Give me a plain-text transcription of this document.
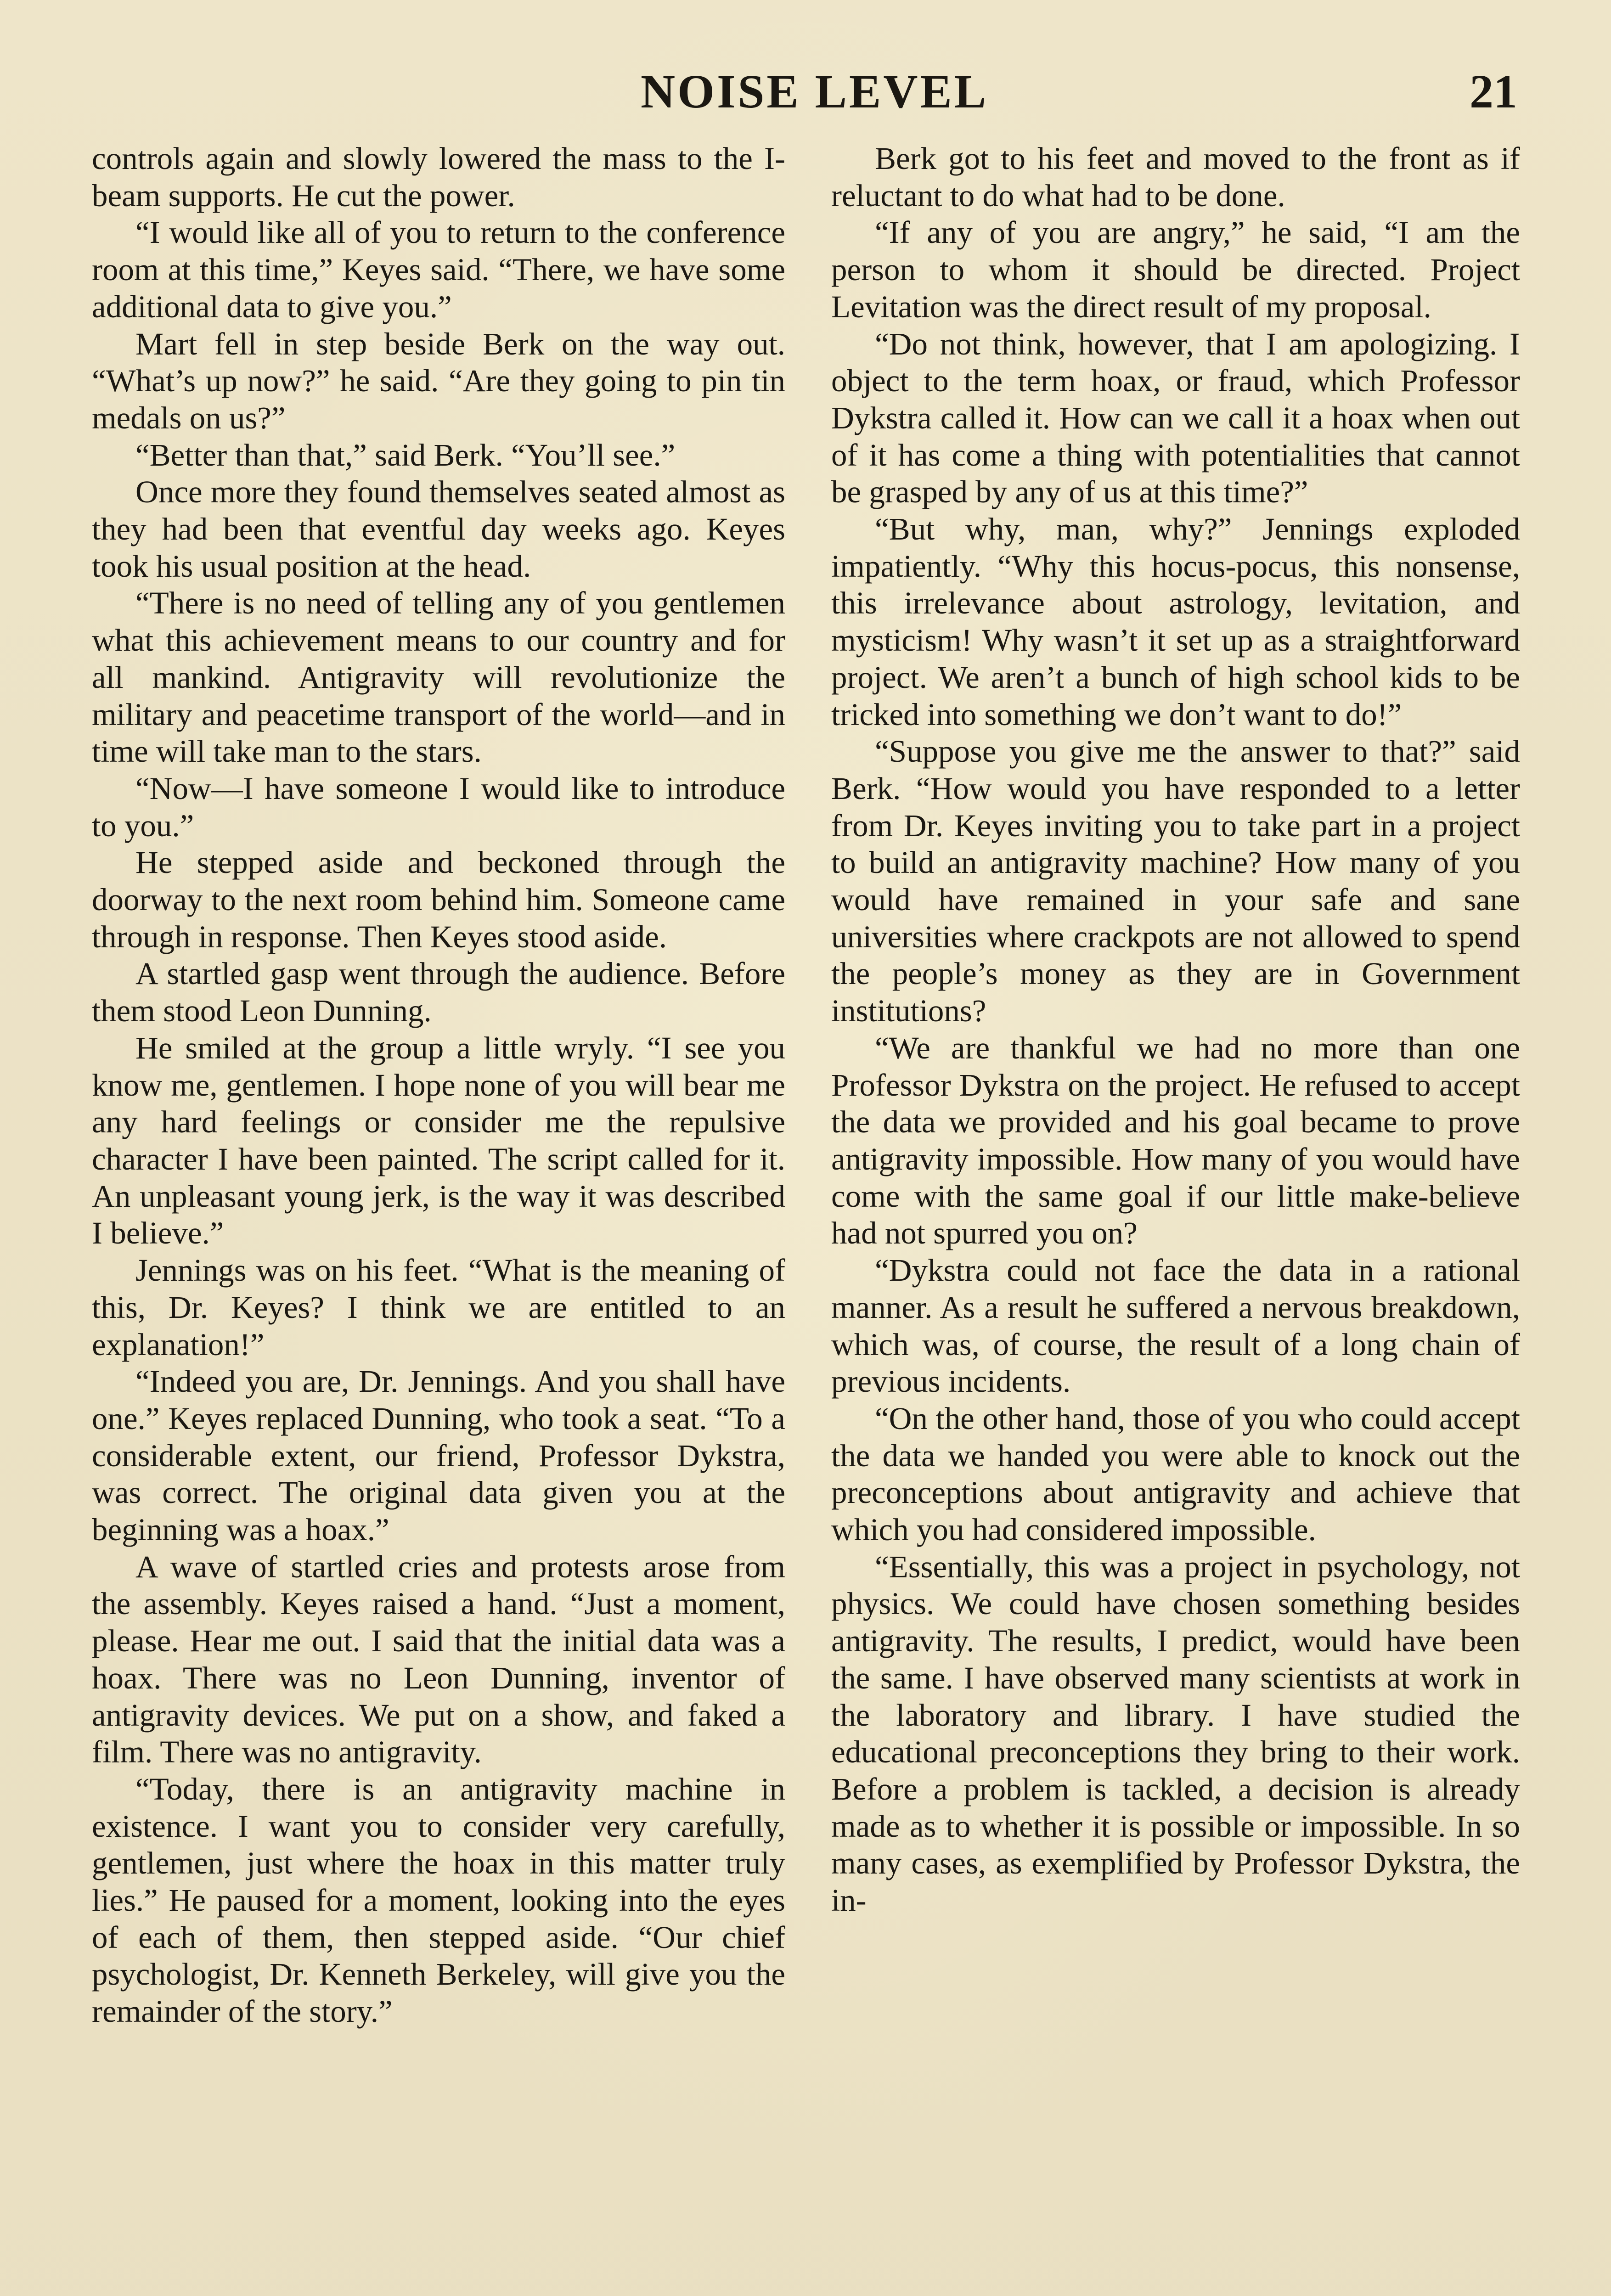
NOISE LEVEL	21

controls again and slowly lowered the mass to the I-beam supports. He cut the power.

“I would like all of you to return to the conference room at this time,” Keyes said. “There, we have some additional data to give you.”

Mart fell in step beside Berk on the way out. “What’s up now?” he said. “Are they going to pin tin medals on us?”

“Better than that,” said Berk. “You’ll see.”

Once more they found themselves seated almost as they had been that eventful day weeks ago. Keyes took his usual position at the head.

“There is no need of telling any of you gentlemen what this achievement means to our country and for all mankind. Antigravity will revolutionize the military and peacetime transport of the world—and in time will take man to the stars.

“Now—I have someone I would like to introduce to you.”

He stepped aside and beckoned through the doorway to the next room behind him. Someone came through in response. Then Keyes stood aside.

A startled gasp went through the audience. Before them stood Leon Dunning.

He smiled at the group a little wryly. “I see you know me, gentlemen. I hope none of you will bear me any hard feelings or consider me the repulsive character I have been painted. The script called for it. An unpleasant young jerk, is the way it was described I believe.”

Jennings was on his feet. “What is the meaning of this, Dr. Keyes? I think we are entitled to an explanation!”

“Indeed you are, Dr. Jennings. And you shall have one.” Keyes replaced Dunning, who took a seat. “To a considerable extent, our friend, Professor Dykstra, was correct. The original data given you at the beginning was a hoax.”

A wave of startled cries and protests arose from the assembly. Keyes raised a hand. “Just a moment, please. Hear me out. I said that the initial data was a hoax. There was no Leon Dunning, inventor of antigravity devices. We put on a show, and faked a film. There was no antigravity.

“Today, there is an antigravity machine in existence. I want you to consider very carefully, gentlemen, just where the hoax in this matter truly lies.” He paused for a moment, looking into the eyes of each of them, then stepped aside. “Our chief psychologist, Dr. Kenneth Berkeley, will give you the remainder of the story.”

Berk got to his feet and moved to the front as if reluctant to do what had to be done.

“If any of you are angry,” he said, “I am the person to whom it should be directed. Project Levitation was the direct result of my proposal.

“Do not think, however, that I am apologizing. I object to the term hoax, or fraud, which Professor Dykstra called it. How can we call it a hoax when out of it has come a thing with potentialities that cannot be grasped by any of us at this time?”

“But why, man, why?” Jennings exploded impatiently. “Why this hocus-pocus, this nonsense, this irrelevance about astrology, levitation, and mysticism! Why wasn’t it set up as a straightforward project. We aren’t a bunch of high school kids to be tricked into something we don’t want to do!”

“Suppose you give me the answer to that?” said Berk. “How would you have responded to a letter from Dr. Keyes inviting you to take part in a project to build an antigravity machine? How many of you would have remained in your safe and sane universities where crackpots are not allowed to spend the people’s money as they are in Government institutions?

“We are thankful we had no more than one Professor Dykstra on the project. He refused to accept the data we provided and his goal became to prove antigravity impossible. How many of you would have come with the same goal if our little make-believe had not spurred you on?

“Dykstra could not face the data in a rational manner. As a result he suffered a nervous breakdown, which was, of course, the result of a long chain of previous incidents.

“On the other hand, those of you who could accept the data we handed you were able to knock out the preconceptions about antigravity and achieve that which you had considered impossible.

“Essentially, this was a project in psychology, not physics. We could have chosen something besides antigravity. The results, I predict, would have been the same. I have observed many scientists at work in the laboratory and library. I have studied the educational preconceptions they bring to their work. Before a problem is tackled, a decision is already made as to whether it is possible or impossible. In so many cases, as exemplified by Professor Dykstra, the in-
